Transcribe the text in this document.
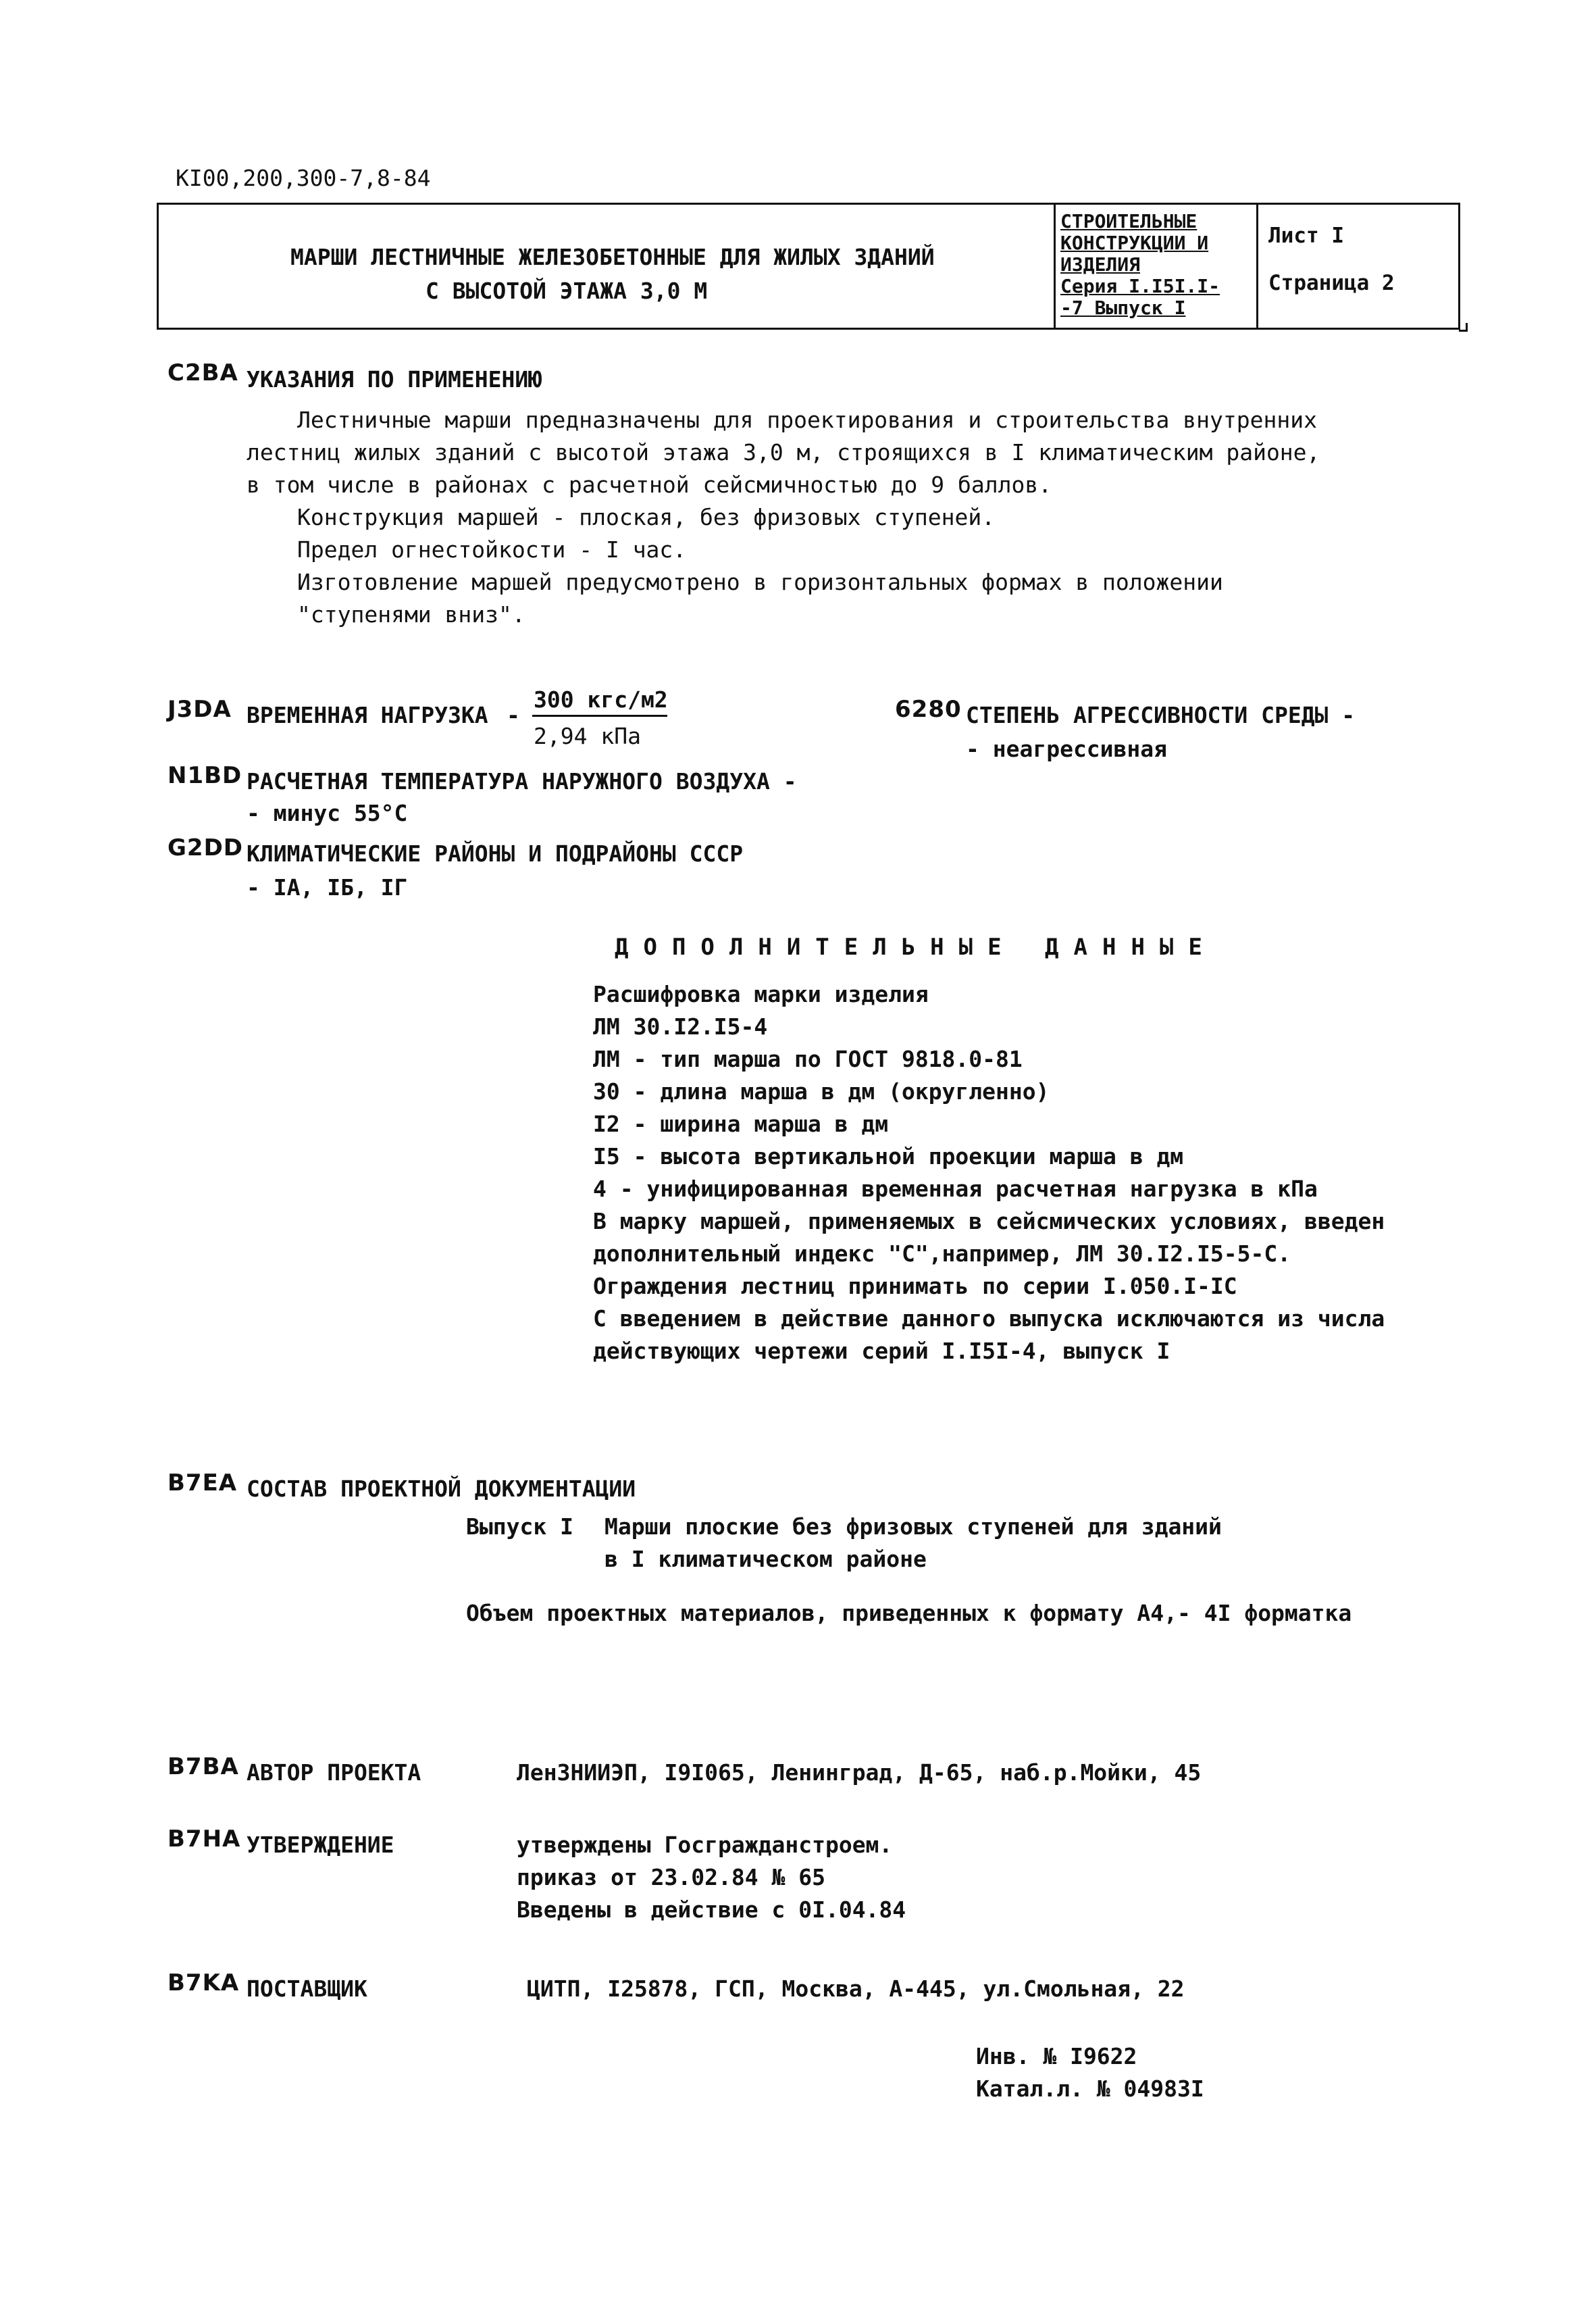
KI00,200,300-7,8-84
МАРШИ ЛЕСТНИЧНЫЕ ЖЕЛЕЗОБЕТОННЫЕ ДЛЯ ЖИЛЫХ ЗДАНИЙ
С ВЫСОТОЙ ЭТАЖА 3,0 М
СТРОИТЕЛЬНЫЕ
КОНСТРУКЦИИ И
ИЗДЕЛИЯ
Серия I.I5I.I-
-7 Выпуск I
Лист I
Страница 2
C2BA УКАЗАНИЯ ПО ПРИМЕНЕНИЮ
Лестничные марши предназначены для проектирования и строительства внутренних
лестниц жилых зданий с высотой этажа 3,0 м, строящихся в I климатическим районе,
в том числе в районах с расчетной сейсмичностью до 9 баллов.
Конструкция маршей - плоская, без фризовых ступеней.
Предел огнестойкости - I час.
Изготовление маршей предусмотрено в горизонтальных формах в положении
"ступенями вниз".
J3DA ВРЕМЕННАЯ НАГРУЗКА -
300 кгс/м2
2,94 кПа
6280 СТЕПЕНЬ АГРЕССИВНОСТИ СРЕДЫ -
- неагрессивная
N1BD РАСЧЕТНАЯ ТЕМПЕРАТУРА НАРУЖНОГО ВОЗДУХА -
- минус 55°С
G2DD КЛИМАТИЧЕСКИЕ РАЙОНЫ И ПОДРАЙОНЫ СССР
- IA, IБ, IГ
ДОПОЛНИТЕЛЬНЫЕ ДАННЫЕ
Расшифровка марки изделия
ЛМ 30.I2.I5-4
ЛМ - тип марша по ГОСТ 9818.0-81
30 - длина марша в дм (округленно)
I2 - ширина марша в дм
I5 - высота вертикальной проекции марша в дм
4 - унифицированная временная расчетная нагрузка в кПа
В марку маршей, применяемых в сейсмических условиях, введен
дополнительный индекс "С",например, ЛМ 30.I2.I5-5-С.
Ограждения лестниц принимать по серии I.050.I-IC
С введением в действие данного выпуска исключаются из числа
действующих чертежи серий I.I5I-4, выпуск I
B7EA СОСТАВ ПРОЕКТНОЙ ДОКУМЕНТАЦИИ
Выпуск I Марши плоские без фризовых ступеней для зданий
в I климатическом районе
Объем проектных материалов, приведенных к формату А4,- 4I форматка
B7BA АВТОР ПРОЕКТА	ЛенЗНИИЭП, I9I065, Ленинград, Д-65, наб.р.Мойки, 45
B7HA УТВЕРЖДЕНИЕ	утверждены Госгражданстроем.
приказ от 23.02.84 № 65
Введены в действие с 0I.04.84
B7KA ПОСТАВЩИК	ЦИТП, I25878, ГСП, Москва, А-445, ул.Смольная, 22
Инв. № I9622
Катал.л. № 04983I
